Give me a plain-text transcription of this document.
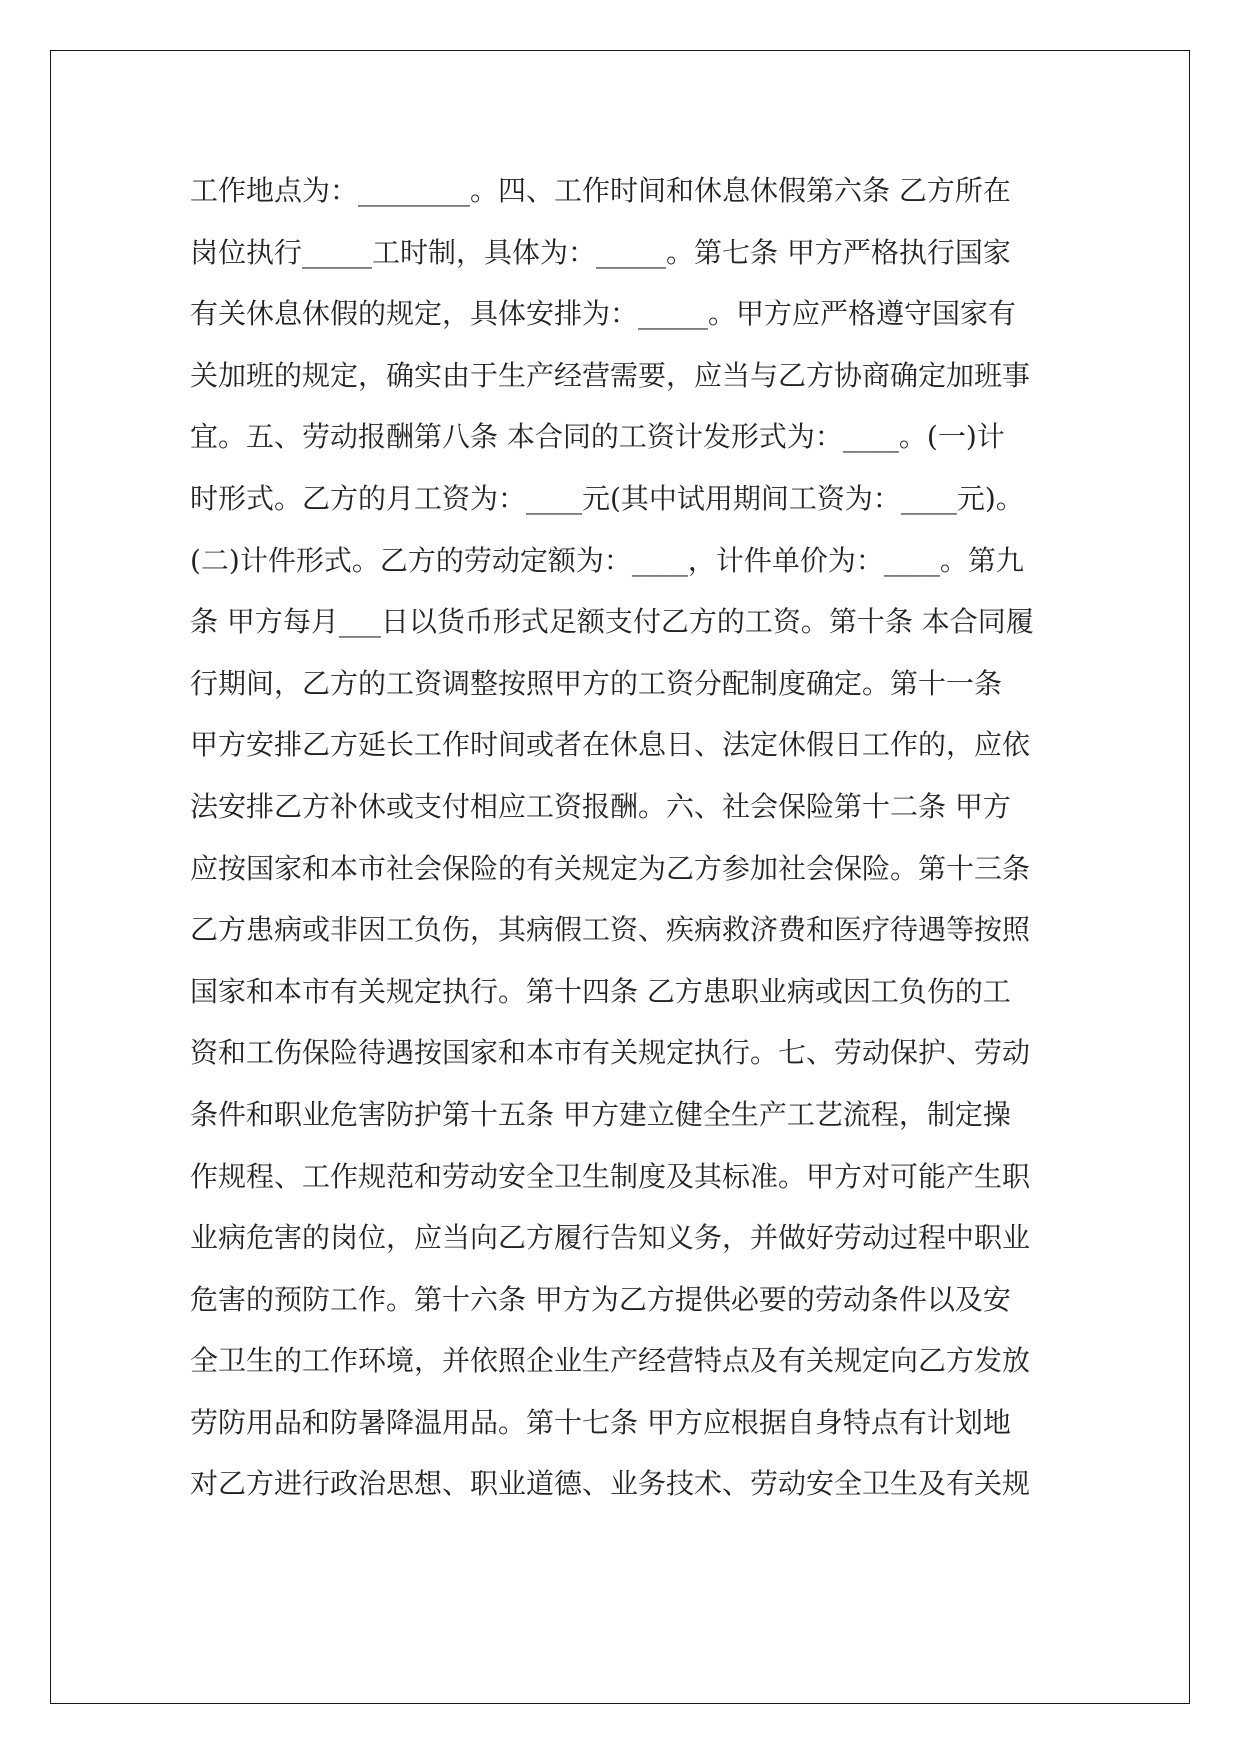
工作地点为：________。四、工作时间和休息休假第六条 乙方所在
岗位执行_____工时制，具体为：_____。第七条 甲方严格执行国家
有关休息休假的规定，具体安排为：_____。甲方应严格遵守国家有
关加班的规定，确实由于生产经营需要，应当与乙方协商确定加班事
宜。五、劳动报酬第八条 本合同的工资计发形式为：____。(一)计
时形式。乙方的月工资为：____元(其中试用期间工资为：____元)。
(二)计件形式。乙方的劳动定额为：____，计件单价为：____。第九
条 甲方每月___日以货币形式足额支付乙方的工资。第十条 本合同履
行期间，乙方的工资调整按照甲方的工资分配制度确定。第十一条
甲方安排乙方延长工作时间或者在休息日、法定休假日工作的，应依
法安排乙方补休或支付相应工资报酬。六、社会保险第十二条 甲方
应按国家和本市社会保险的有关规定为乙方参加社会保险。第十三条
乙方患病或非因工负伤，其病假工资、疾病救济费和医疗待遇等按照
国家和本市有关规定执行。第十四条 乙方患职业病或因工负伤的工
资和工伤保险待遇按国家和本市有关规定执行。七、劳动保护、劳动
条件和职业危害防护第十五条 甲方建立健全生产工艺流程，制定操
作规程、工作规范和劳动安全卫生制度及其标准。甲方对可能产生职
业病危害的岗位，应当向乙方履行告知义务，并做好劳动过程中职业
危害的预防工作。第十六条 甲方为乙方提供必要的劳动条件以及安
全卫生的工作环境，并依照企业生产经营特点及有关规定向乙方发放
劳防用品和防暑降温用品。第十七条 甲方应根据自身特点有计划地
对乙方进行政治思想、职业道德、业务技术、劳动安全卫生及有关规
